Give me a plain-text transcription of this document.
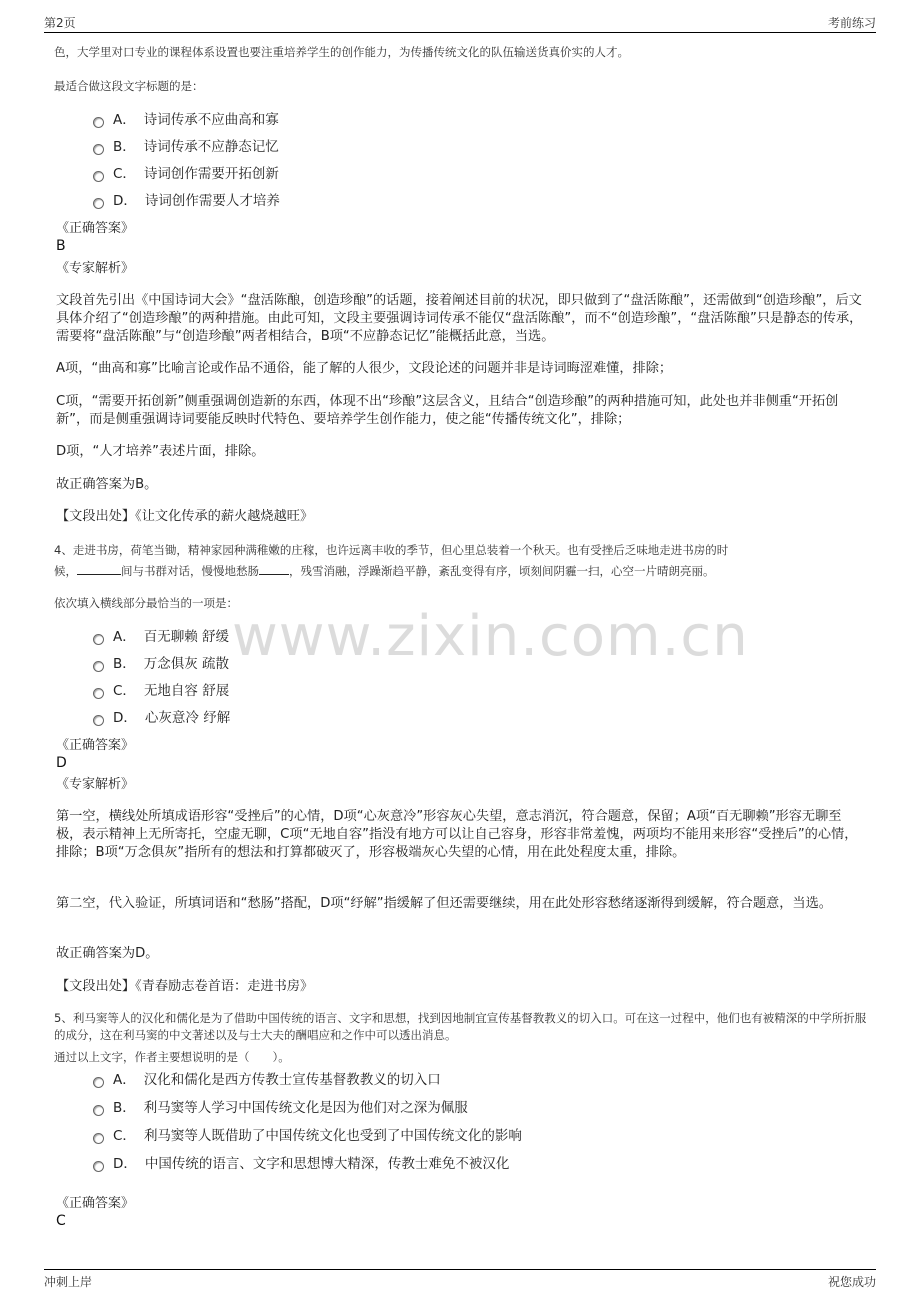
第2页	考前练习
www.zixin.com.cn

色，大学里对口专业的课程体系设置也要注重培养学生的创作能力，为传播传统文化的队伍输送货真价实的人才。

最适合做这段文字标题的是：

A． 诗词传承不应曲高和寡
B． 诗词传承不应静态记忆
C． 诗词创作需要开拓创新
D． 诗词创作需要人才培养

《正确答案》

B

《专家解析》

文段首先引出《中国诗词大会》“盘活陈酿，创造珍酿”的话题，接着阐述目前的状况，即只做到了“盘活陈酿”，还需做到“创造珍酿”，后文具体介绍了“创造珍酿”的两种措施。由此可知，文段主要强调诗词传承不能仅“盘活陈酿”，而不“创造珍酿”，“盘活陈酿”只是静态的传承，需要将“盘活陈酿”与“创造珍酿”两者相结合，B项“不应静态记忆”能概括此意，当选。

A项，“曲高和寡”比喻言论或作品不通俗，能了解的人很少，文段论述的问题并非是诗词晦涩难懂，排除；

C项，“需要开拓创新”侧重强调创造新的东西，体现不出“珍酿”这层含义，且结合“创造珍酿”的两种措施可知，此处也并非侧重“开拓创新”，而是侧重强调诗词要能反映时代特色、要培养学生创作能力，使之能“传播传统文化”，排除；

D项，“人才培养”表述片面，排除。

故正确答案为B。

【文段出处】《让文化传承的薪火越烧越旺》

4、走进书房，荷笔当锄，精神家园种满稚嫩的庄稼，也许远离丰收的季节，但心里总装着一个秋天。也有受挫后乏味地走进书房的时

候，	间与书群对话，慢慢地愁肠	，残雪消融，浮躁渐趋平静，紊乱变得有序，顷刻间阴霾一扫，心空一片晴朗亮丽。

依次填入横线部分最恰当的一项是：

A． 百无聊赖 舒缓
B． 万念俱灰 疏散
C． 无地自容 舒展
D． 心灰意冷 纾解

《正确答案》

D

《专家解析》

第一空，横线处所填成语形容“受挫后”的心情，D项“心灰意冷”形容灰心失望，意志消沉，符合题意，保留；A项“百无聊赖”形容无聊至极，表示精神上无所寄托，空虚无聊，C项“无地自容”指没有地方可以让自己容身，形容非常羞愧，两项均不能用来形容“受挫后”的心情，排除；B项“万念俱灰”指所有的想法和打算都破灭了，形容极端灰心失望的心情，用在此处程度太重，排除。

第二空，代入验证，所填词语和“愁肠”搭配，D项“纾解”指缓解了但还需要继续，用在此处形容愁绪逐渐得到缓解，符合题意，当选。

故正确答案为D。

【文段出处】《青春励志卷首语：走进书房》

5、利马窦等人的汉化和儒化是为了借助中国传统的语言、文字和思想，找到因地制宜宣传基督教教义的切入口。可在这一过程中，他们也有被精深的中学所折服的成分，这在利马窦的中文著述以及与士大夫的酬唱应和之作中可以透出消息。

通过以上文字，作者主要想说明的是（　　）。

A． 汉化和儒化是西方传教士宣传基督教教义的切入口
B． 利马窦等人学习中国传统文化是因为他们对之深为佩服
C． 利马窦等人既借助了中国传统文化也受到了中国传统文化的影响
D． 中国传统的语言、文字和思想博大精深，传教士难免不被汉化

《正确答案》

C

冲刺上岸	祝您成功
